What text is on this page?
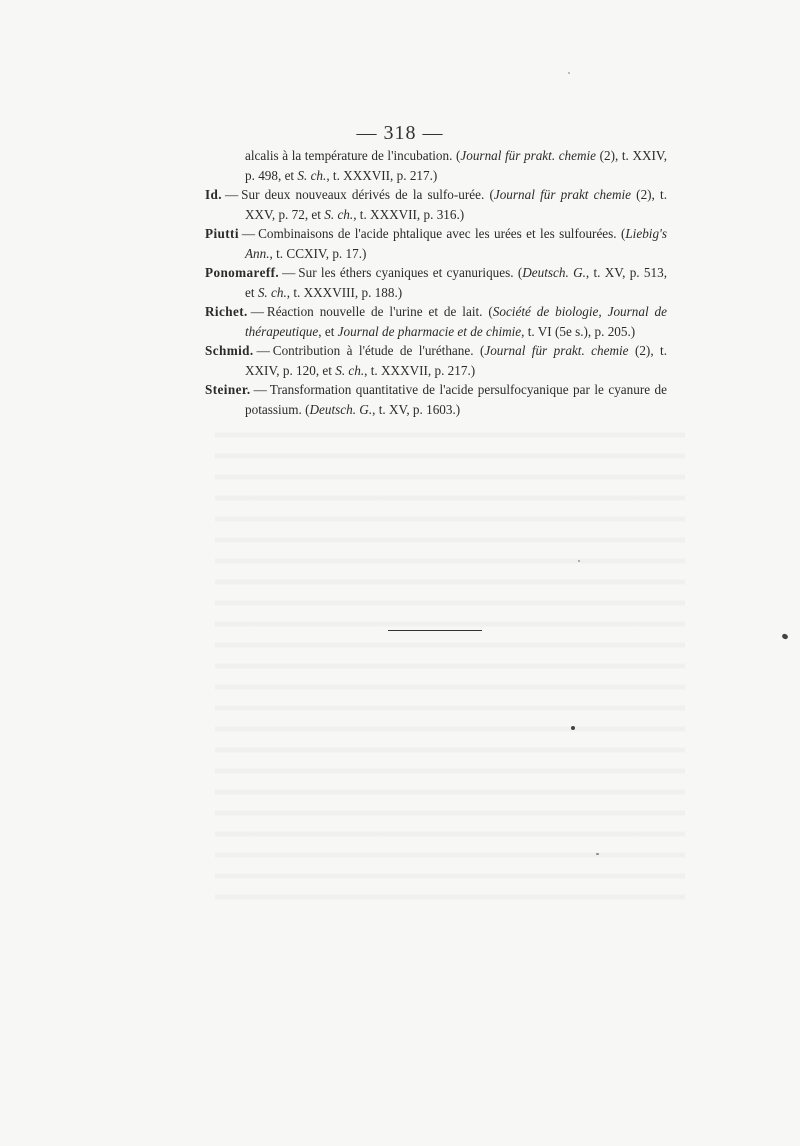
— 318 —

alcalis à la température de l'incubation. (Journal für prakt. chemie (2), t. XXIV, p. 498, et S. ch., t. XXXVII, p. 217.)

Id. — Sur deux nouveaux dérivés de la sulfo-urée. (Journal für prakt chemie (2), t. XXV, p. 72, et S. ch., t. XXXVII, p. 316.)

Piutti — Combinaisons de l'acide phtalique avec les urées et les sulfourées. (Liebig's Ann., t. CCXIV, p. 17.)

Ponomareff. — Sur les éthers cyaniques et cyanuriques. (Deutsch. G., t. XV, p. 513, et S. ch., t. XXXVIII, p. 188.)

Richet. — Réaction nouvelle de l'urine et de lait. (Société de biologie, Journal de thérapeutique, et Journal de pharmacie et de chimie, t. VI (5e s.), p. 205.)

Schmid. — Contribution à l'étude de l'uréthane. (Journal für prakt. chemie (2), t. XXIV, p. 120, et S. ch., t. XXXVII, p. 217.)

Steiner. — Transformation quantitative de l'acide persulfocyanique par le cyanure de potassium. (Deutsch. G., t. XV, p. 1603.)
